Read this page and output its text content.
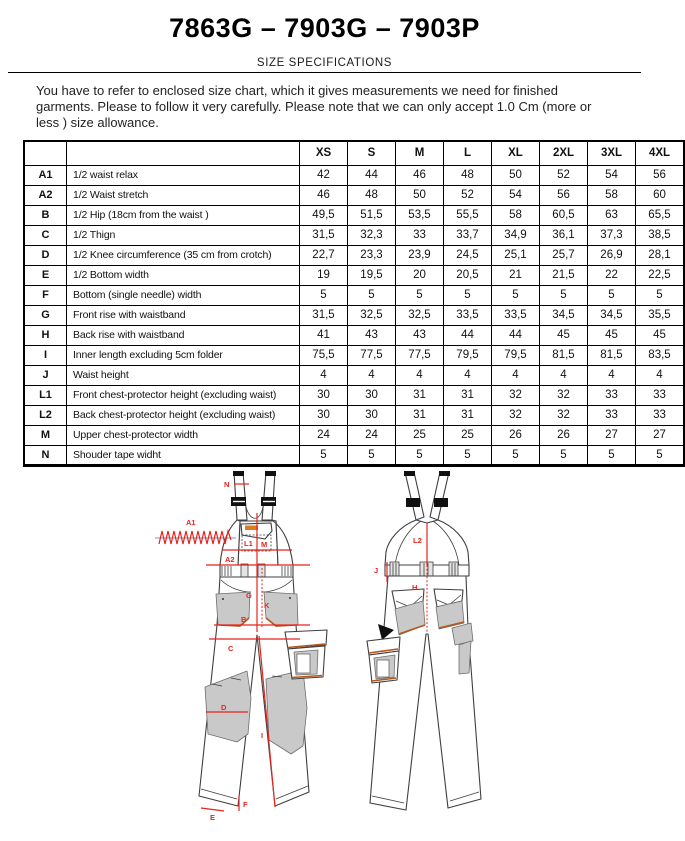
7863G – 7903G – 7903P
SIZE SPECIFICATIONS

You have to refer to enclosed size chart, which it gives measurements we need for finished garments. Please to follow it very carefully. Please note that we can only accept 1.0 Cm (more or less ) size allowance.

		XS	S	M	L	XL	2XL	3XL	4XL
A1	1/2 waist relax	42	44	46	48	50	52	54	56
A2	1/2 Waist stretch	46	48	50	52	54	56	58	60
B	1/2 Hip (18cm from the waist )	49,5	51,5	53,5	55,5	58	60,5	63	65,5
C	1/2 Thign	31,5	32,3	33	33,7	34,9	36,1	37,3	38,5
D	1/2 Knee circumference (35 cm from crotch)	22,7	23,3	23,9	24,5	25,1	25,7	26,9	28,1
E	1/2 Bottom width	19	19,5	20	20,5	21	21,5	22	22,5
F	Bottom (single needle) width	5	5	5	5	5	5	5	5
G	Front rise with waistband	31,5	32,5	32,5	33,5	33,5	34,5	34,5	35,5
H	Back rise with waistband	41	43	43	44	44	45	45	45
I	Inner length excluding 5cm folder	75,5	77,5	77,5	79,5	79,5	81,5	81,5	83,5
J	Waist height	4	4	4	4	4	4	4	4
L1	Front chest-protector height (excluding waist)	30	30	31	31	32	32	33	33
L2	Back chest-protector height (excluding waist)	30	30	31	31	32	32	33	33
M	Upper chest-protector width	24	24	25	25	26	26	27	27
N	Shouder tape widht	5	5	5	5	5	5	5	5
N
A1
L1 M
A2
G
K
B
C
D
I
F
E
L2
J
H
